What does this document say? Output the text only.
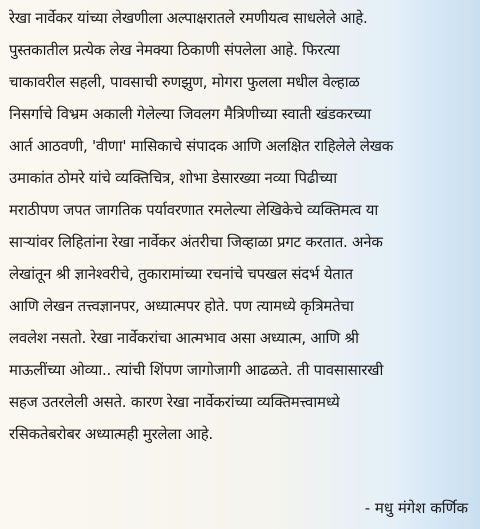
रेखा नार्वेकर यांच्या लेखणीला अल्पाक्षरातले रमणीयत्व साधलेले आहे.

पुस्तकातील प्रत्येक लेख नेमक्या ठिकाणी संपलेला आहे. फिरत्या

चाकावरील सहली, पावसाची रुणझुण, मोगरा फुलला मधील वेल्हाळ

निसर्गाचे विभ्रम अकाली गेलेल्या जिवलग मैत्रिणीच्या स्वाती खंडकरच्या

आर्त आठवणी, 'वीणा' मासिकाचे संपादक आणि अलक्षित राहिलेले लेखक

उमाकांत ठोमरे यांचे व्यक्तिचित्र, शोभा डेसारख्या नव्या पिढीच्या

मराठीपण जपत जागतिक पर्यावरणात रमलेल्या लेखिकेचे व्यक्तिमत्व या

सार्‍यांवर लिहितांना रेखा नार्वेकर अंतरीचा जिव्हाळा प्रगट करतात. अनेक

लेखांतून श्री ज्ञानेश्वरीचे, तुकारामांच्या रचनांचे चपखल संदर्भ येतात

आणि लेखन तत्त्वज्ञानपर, अध्यात्मपर होते. पण त्यामध्ये कृत्रिमतेचा

लवलेश नसतो. रेखा नार्वेकरांचा आत्मभाव असा अध्यात्म, आणि श्री

माऊलींच्या ओव्या.. त्यांची शिंपण जागोजागी आढळते. ती पावसासारखी

सहज उतरलेली असते. कारण रेखा नार्वेकरांच्या व्यक्तिमत्त्वामध्ये

रसिकतेबरोबर अध्यात्मही मुरलेला आहे.

- मधु मंगेश कर्णिक
